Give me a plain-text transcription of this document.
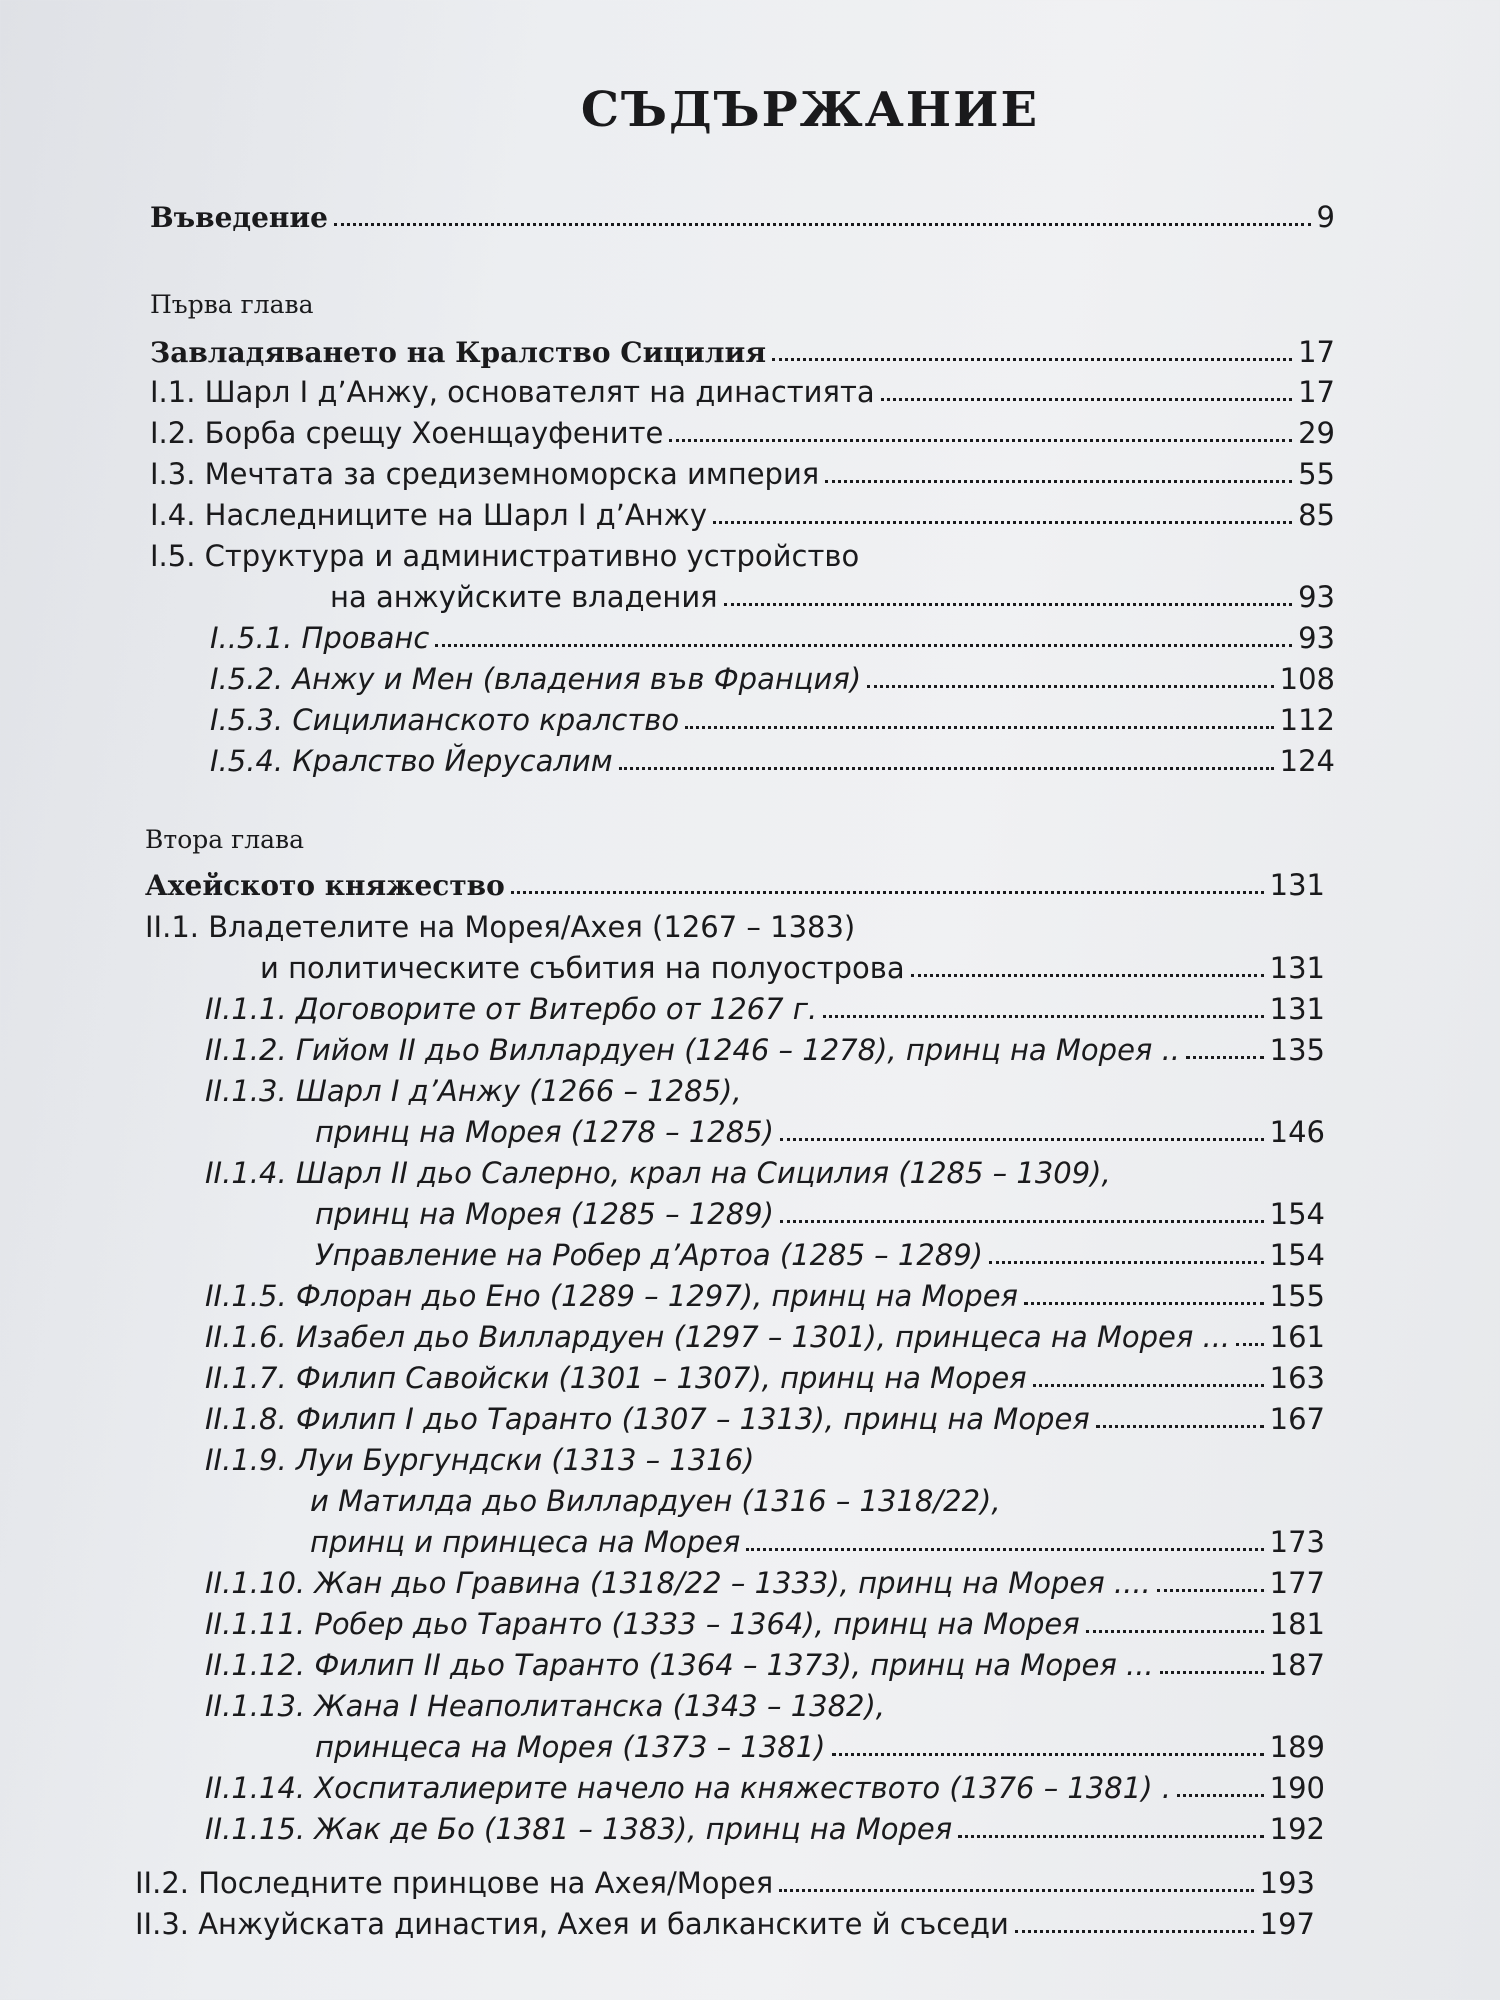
СЪДЪРЖАНИЕ
Въведение	9
Първа глава
Завладяването на Кралство Сицилия	17
I.1. Шарл I д’Анжу, основателят на династията	17
I.2. Борба срещу Хоенщауфените	29
I.3. Мечтата за средиземноморска империя	55
I.4. Наследниците на Шарл I д’Анжу	85
I.5. Структура и административно устройство
на анжуйските владения	93
I..5.1. Прованс	93
I.5.2. Анжу и Мен (владения във Франция)	108
I.5.3. Сицилианското кралство	112
I.5.4. Кралство Йерусалим	124
Втора глава
Ахейското княжество	131
II.1. Владетелите на Морея/Ахея (1267 – 1383)
и политическите събития на полуострова	131
II.1.1. Договорите от Витербо от 1267 г.	131
II.1.2. Гийом II дьо Виллардуен (1246 – 1278), принц на Морея ..	135
II.1.3. Шарл I д’Анжу (1266 – 1285),
принц на Морея (1278 – 1285)	146
II.1.4. Шарл II дьо Салерно, крал на Сицилия (1285 – 1309),
принц на Морея (1285 – 1289)	154
Управление на Робер д’Артоа (1285 – 1289)	154
II.1.5. Флоран дьо Ено (1289 – 1297), принц на Морея	155
II.1.6. Изабел дьо Виллардуен (1297 – 1301), принцеса на Морея ... 161
II.1.7. Филип Савойски (1301 – 1307), принц на Морея	163
II.1.8. Филип I дьо Таранто (1307 – 1313), принц на Морея	167
II.1.9. Луи Бургундски (1313 – 1316)
и Матилда дьо Виллардуен (1316 – 1318/22),
принц и принцеса на Морея	173
II.1.10. Жан дьо Гравина (1318/22 – 1333), принц на Морея ....	177
II.1.11. Робер дьо Таранто (1333 – 1364), принц на Морея	181
II.1.12. Филип II дьо Таранто (1364 – 1373), принц на Морея ...	187
II.1.13. Жана I Неаполитанска (1343 – 1382),
принцеса на Морея (1373 – 1381)	189
II.1.14. Хоспиталиерите начело на княжеството (1376 – 1381) .	190
II.1.15. Жак де Бо (1381 – 1383), принц на Морея	192
II.2. Последните принцове на Ахея/Морея	193
II.3. Анжуйската династия, Ахея и балканските й съседи	197
